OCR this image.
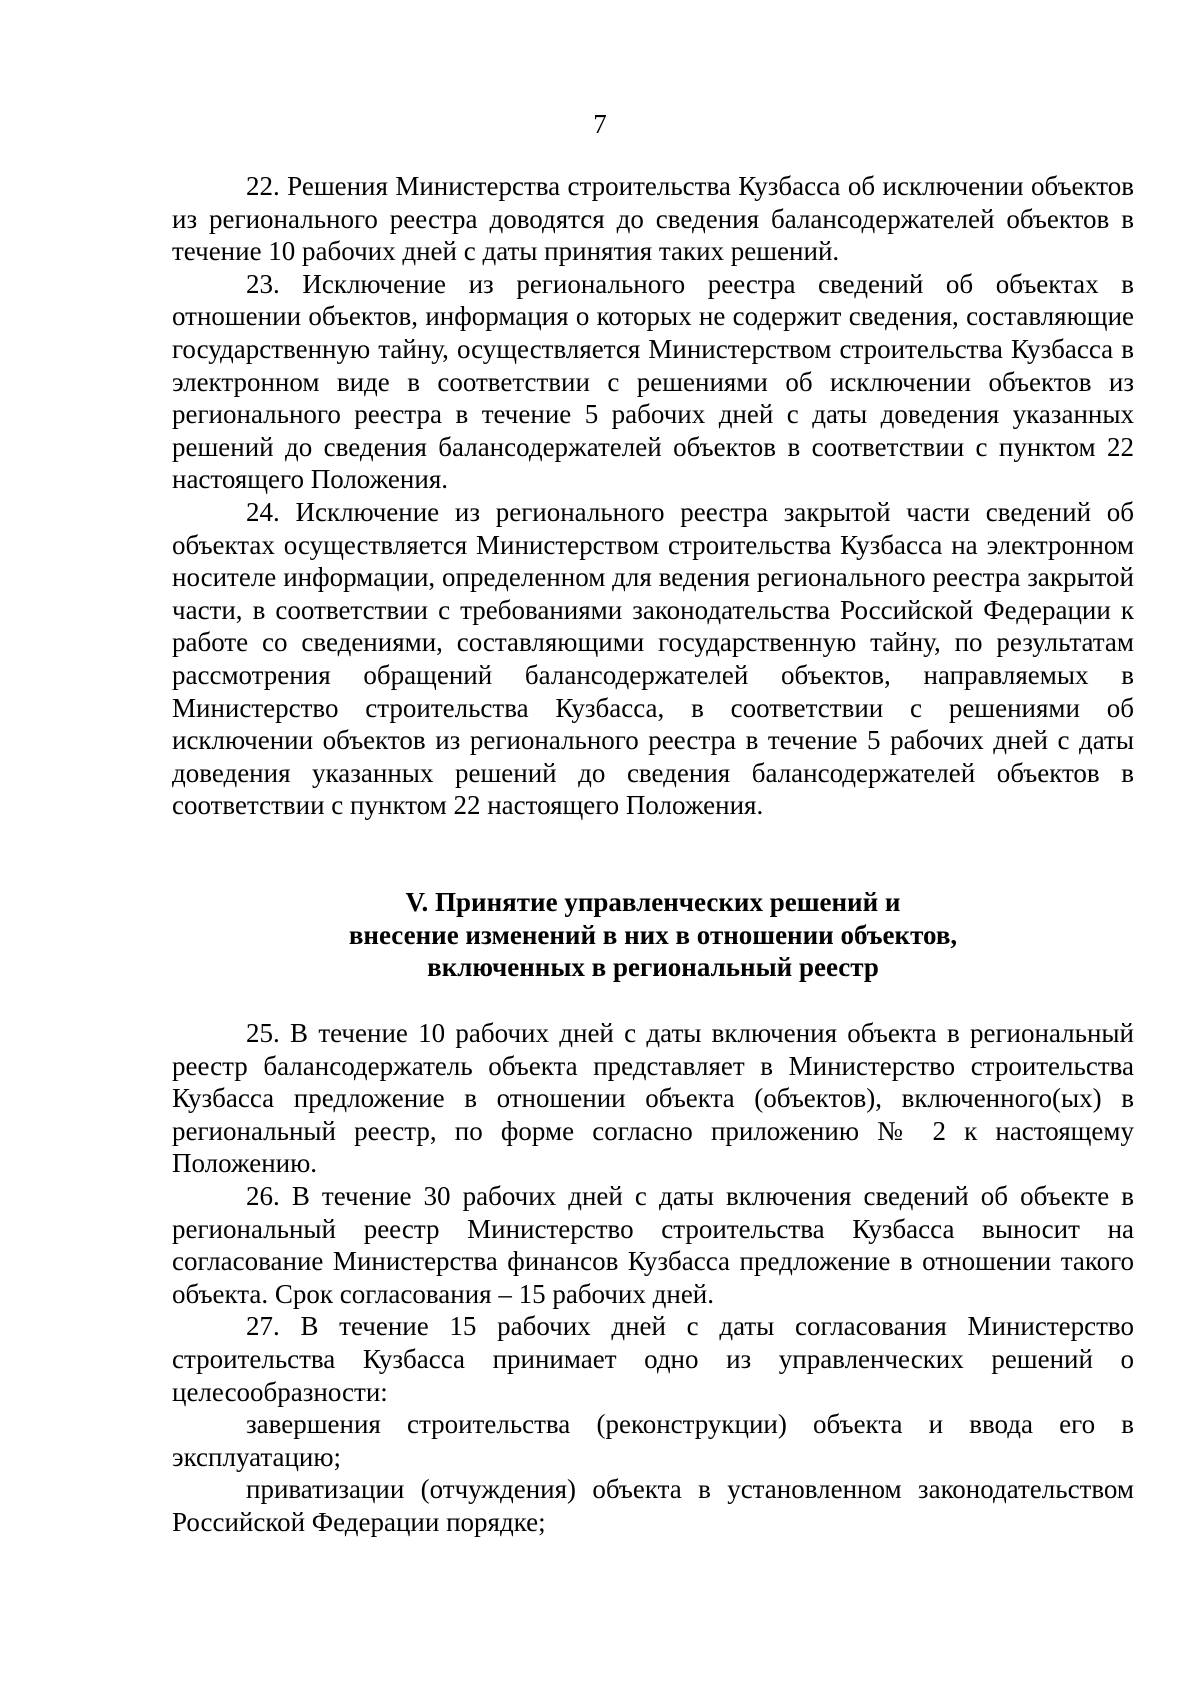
7

22. Решения Министерства строительства Кузбасса об исключении объектов из регионального реестра доводятся до сведения балансодержателей объектов в течение 10 рабочих дней с даты принятия таких решений.

23. Исключение из регионального реестра сведений об объектах в отношении объектов, информация о которых не содержит сведения, составляющие государственную тайну, осуществляется Министерством строительства Кузбасса в электронном виде в соответствии с решениями об исключении объектов из регионального реестра в течение 5 рабочих дней с даты доведения указанных решений до сведения балансодержателей объектов в соответствии с пунктом 22 настоящего Положения.

24. Исключение из регионального реестра закрытой части сведений об объектах осуществляется Министерством строительства Кузбасса на электронном носителе информации, определенном для ведения регионального реестра закрытой части, в соответствии с требованиями законодательства Российской Федерации к работе со сведениями, составляющими государственную тайну, по результатам рассмотрения обращений балансодержателей объектов, направляемых в Министерство строительства Кузбасса, в соответствии с решениями об исключении объектов из регионального реестра в течение 5 рабочих дней с даты доведения указанных решений до сведения балансодержателей объектов в соответствии с пунктом 22 настоящего Положения.

V. Принятие управленческих решений и
внесение изменений в них в отношении объектов,
включенных в региональный реестр

25. В течение 10 рабочих дней с даты включения объекта в региональный реестр балансодержатель объекта представляет в Министерство строительства Кузбасса предложение в отношении объекта (объектов), включенного(ых) в региональный реестр, по форме согласно приложению № 2 к настоящему Положению.

26. В течение 30 рабочих дней с даты включения сведений об объекте в региональный реестр Министерство строительства Кузбасса выносит на согласование Министерства финансов Кузбасса предложение в отношении такого объекта. Срок согласования – 15 рабочих дней.

27. В течение 15 рабочих дней с даты согласования Министерство строительства Кузбасса принимает одно из управленческих решений о целесообразности:

завершения строительства (реконструкции) объекта и ввода его в эксплуатацию;

приватизации (отчуждения) объекта в установленном законодательством Российской Федерации порядке;
